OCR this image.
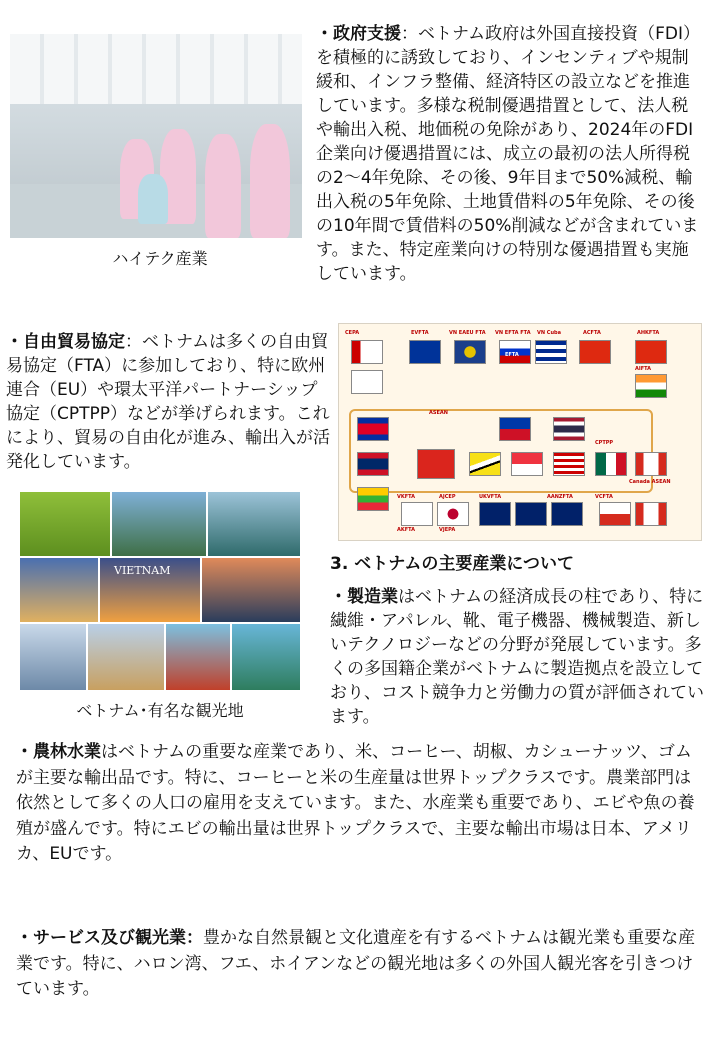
ハイテク産業
・政府支援：ベトナム政府は外国直接投資（FDI）を積極的に誘致しており、インセンティブや規制緩和、インフラ整備、経済特区の設立などを推進しています。多様な税制優遇措置として、法人税や輸出入税、地価税の免除があり、2024年のFDI企業向け優遇措置には、成立の最初の法人所得税の2～4年免除、その後、9年目まで50%減税、輸出入税の5年免除、土地賃借料の5年免除、その後の10年間で賃借料の50%削減などが含まれています。また、特定産業向けの特別な優遇措置も実施しています。
・自由貿易協定：ベトナムは多くの自由貿易協定（FTA）に参加しており、特に欧州連合（EU）や環太平洋パートナーシップ協定（CPTPP）などが挙げられます。これにより、貿易の自由化が進み、輸出入が活発化しています。
CEPA	EVFTA	VN EAEU FTA VN EFTA FTA VN Cuba	ACFTA	AHKFTA
ASEAN
CPTPP
AIFTA
VKFTA
AKFTA
AJCEP	UKVFTA	AANZFTA	VCFTA
VJEPA
Canada ASEAN
EFTA
3. ベトナムの主要産業について
・製造業はベトナムの経済成長の柱であり、特に繊維・アパレル、靴、電子機器、機械製造、新しいテクノロジーなどの分野が発展しています。多くの多国籍企業がベトナムに製造拠点を設立しており、コスト競争力と労働力の質が評価されています。
VIETNAM
ベトナム･有名な観光地
・農林水業はベトナムの重要な産業であり、米、コーヒー、胡椒、カシューナッツ、ゴムが主要な輸出品です。特に、コーヒーと米の生産量は世界トップクラスです。農業部門は依然として多くの人口の雇用を支えています。また、水産業も重要であり、エビや魚の養殖が盛んです。特にエビの輸出量は世界トップクラスで、主要な輸出市場は日本、アメリカ、EUです。
・サービス及び観光業：豊かな自然景観と文化遺産を有するベトナムは観光業も重要な産業です。特に、ハロン湾、フエ、ホイアンなどの観光地は多くの外国人観光客を引きつけています。
